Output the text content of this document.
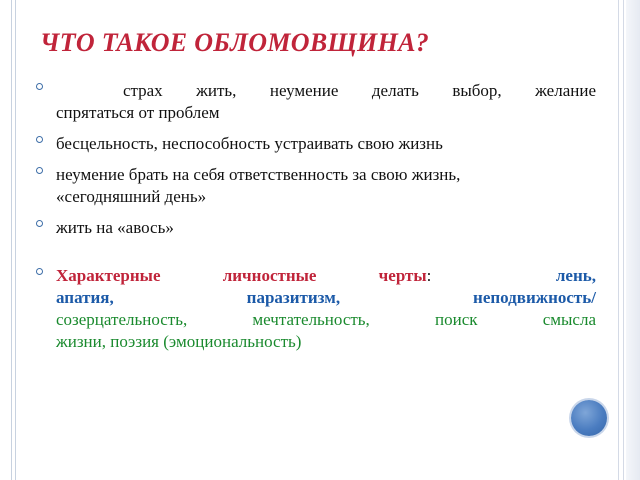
ЧТО ТАКОЕ ОБЛОМОВЩИНА?
страх жить, неумение делать выбор, желание
спрятаться от проблем
бесцельность, неспособность устраивать свою жизнь
неумение брать на себя ответственность за свою жизнь,
«сегодняшний день»
жить на «авось»
Характерные личностные черты:	лень,
апатия, паразитизм, неподвижность/
созерцательность, мечтательность, поиск смысла
жизни, поэзия (эмоциональность)
